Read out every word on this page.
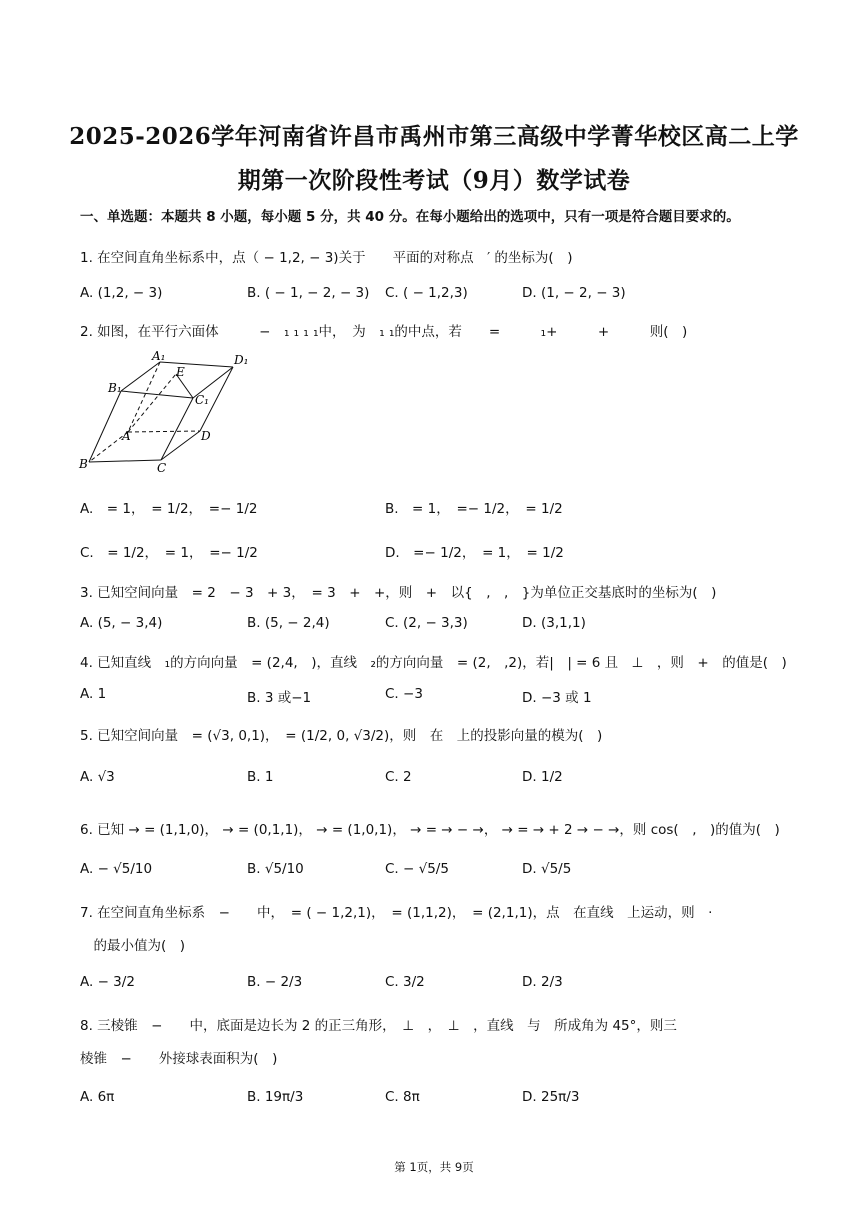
2025-2026学年河南省许昌市禹州市第三高级中学菁华校区高二上学
期第一次阶段性考试（9月）数学试卷
一、单选题：本题共 8 小题，每小题 5 分，共 40 分。在每小题给出的选项中，只有一项是符合题目要求的。
1. 在空间直角坐标系中，点（ − 1,2, − 3)关于　　平面的对称点　′ 的坐标为(　)
A. (1,2, − 3)	B. ( − 1, − 2, − 3) C. ( − 1,2,3)	D. (1, − 2, − 3)
2. 如图，在平行六面体　　　−　₁ ₁ ₁ ₁中，　为　₁ ₁的中点，若　　=　　　₁+　　　+　　　则(　)
A₁	D₁
B₁
C₁
E
A	D
B	C
A.　= 1，　= 1/2，　=− 1/2	B.　= 1，　=− 1/2，　= 1/2
C.　= 1/2，　= 1，　=− 1/2	D.　=− 1/2，　= 1，　= 1/2
3. 已知空间向量　= 2　− 3　+ 3，　= 3　+　+，则　+　以{　,　,　}为单位正交基底时的坐标为(　)
A. (5, − 3,4)	B. (5, − 2,4)	C. (2, − 3,3)	D. (3,1,1)
4. 已知直线　₁的方向向量　= (2,4,　)，直线　₂的方向向量　= (2,　,2)，若|　| = 6 且　⊥　，则　+　的值是(　)
A. 1	B. 3 或−1	C. −3	D. −3 或 1
5. 已知空间向量　= (√3, 0,1)，　= (1/2, 0, √3/2)，则　在　上的投影向量的模为(　)
A. √3	B. 1	C. 2	D. 1/2
6. 已知 → = (1,1,0)， → = (0,1,1)， → = (1,0,1)， → = → − →， → = → + 2 → − →，则 cos(　,　)的值为(　)
A. − √5/10	B. √5/10	C. − √5/5	D. √5/5
7. 在空间直角坐标系　−　　中，　= ( − 1,2,1)，　= (1,1,2)，　= (2,1,1)，点　在直线　上运动，则　·
　的最小值为(　)
A. − 3/2	B. − 2/3	C. 3/2	D. 2/3
8. 三棱锥　−　　中，底面是边长为 2 的正三角形，　⊥　，　⊥　，直线　与　所成角为 45°，则三
棱锥　−　　外接球表面积为(　)
A. 6π	B. 19π/3	C. 8π	D. 25π/3
第 1页，共 9页
